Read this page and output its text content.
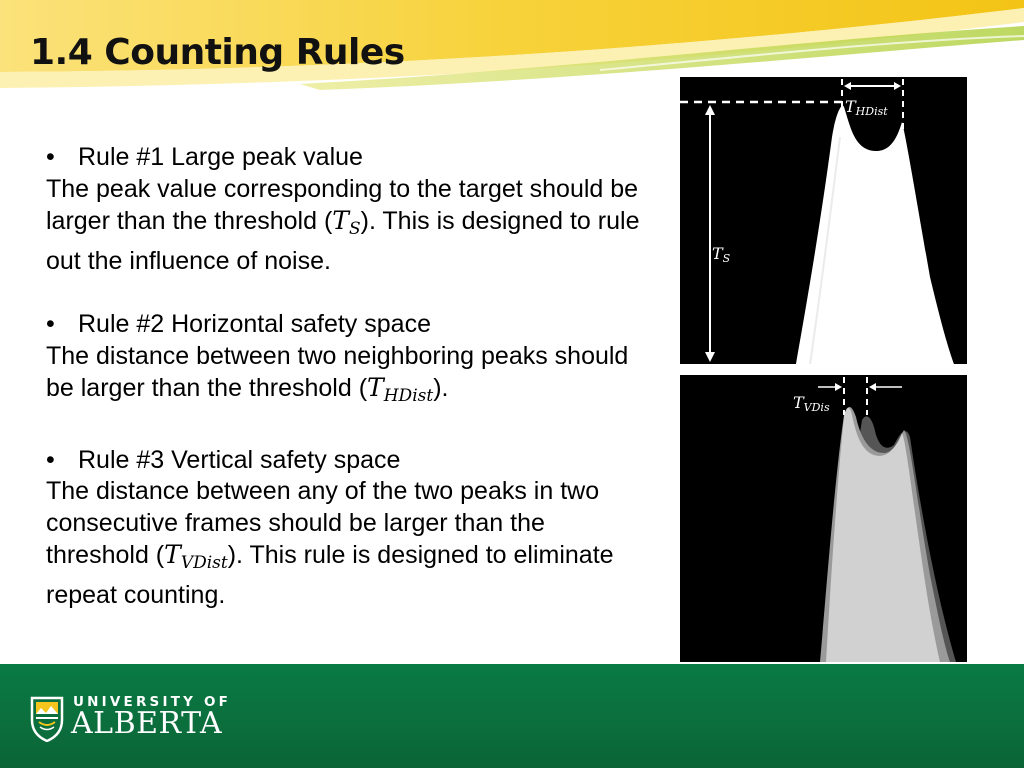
1.4 Counting Rules
• Rule #1 Large peak value
The peak value corresponding to the target should be larger than the threshold $(T_S)$. This is designed to rule out the influence of noise.
• Rule #2 Horizontal safety space
The distance between two neighboring peaks should be larger than the threshold $(T_{HDist})$.
• Rule #3 Vertical safety space
The distance between any of the two peaks in two consecutive frames should be larger than the threshold $(T_{VDist})$. This rule is designed to eliminate repeat counting.
THDist
TS
TVDis
UNIVERSITY OF
ALBERTA
